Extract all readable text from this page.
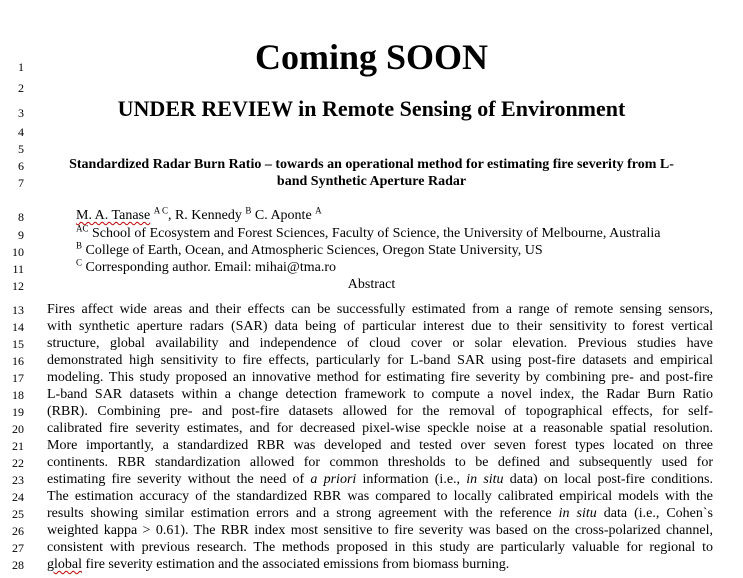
1
2
3
4
5
6
7
8
9
10
11
12
13
14
15
16
17
18
19
20
21
22
23
24
25
26
27
28
Coming SOON
UNDER REVIEW in Remote Sensing of Environment
Standardized Radar Burn Ratio – towards an operational method for estimating fire severity from L-
band Synthetic Aperture Radar
M. A. Tanase $^{A C}$, R. Kennedy $^B$ C. Aponte $^A$
$^{AC}$ School of Ecosystem and Forest Sciences, Faculty of Science, the University of Melbourne, Australia
$^B$ College of Earth, Ocean, and Atmospheric Sciences, Oregon State University, US
$^C$ Corresponding author. Email: mihai@tma.ro
Abstract
Fires affect wide areas and their effects can be successfully estimated from a range of remote sensing sensors,
with synthetic aperture radars (SAR) data being of particular interest due to their sensitivity to forest vertical
structure, global availability and independence of cloud cover or solar elevation. Previous studies have
demonstrated high sensitivity to fire effects, particularly for L-band SAR using post-fire datasets and empirical
modeling. This study proposed an innovative method for estimating fire severity by combining pre- and post-fire
L-band SAR datasets within a change detection framework to compute a novel index, the Radar Burn Ratio
(RBR). Combining pre- and post-fire datasets allowed for the removal of topographical effects, for self-
calibrated fire severity estimates, and for decreased pixel-wise speckle noise at a reasonable spatial resolution.
More importantly, a standardized RBR was developed and tested over seven forest types located on three
continents. RBR standardization allowed for common thresholds to be defined and subsequently used for
estimating fire severity without the need of a priori information (i.e., in situ data) on local post-fire conditions.
The estimation accuracy of the standardized RBR was compared to locally calibrated empirical models with the
results showing similar estimation errors and a strong agreement with the reference in situ data (i.e., Cohen`s
weighted kappa > 0.61). The RBR index most sensitive to fire severity was based on the cross-polarized channel,
consistent with previous research. The methods proposed in this study are particularly valuable for regional to
global fire severity estimation and the associated emissions from biomass burning.
